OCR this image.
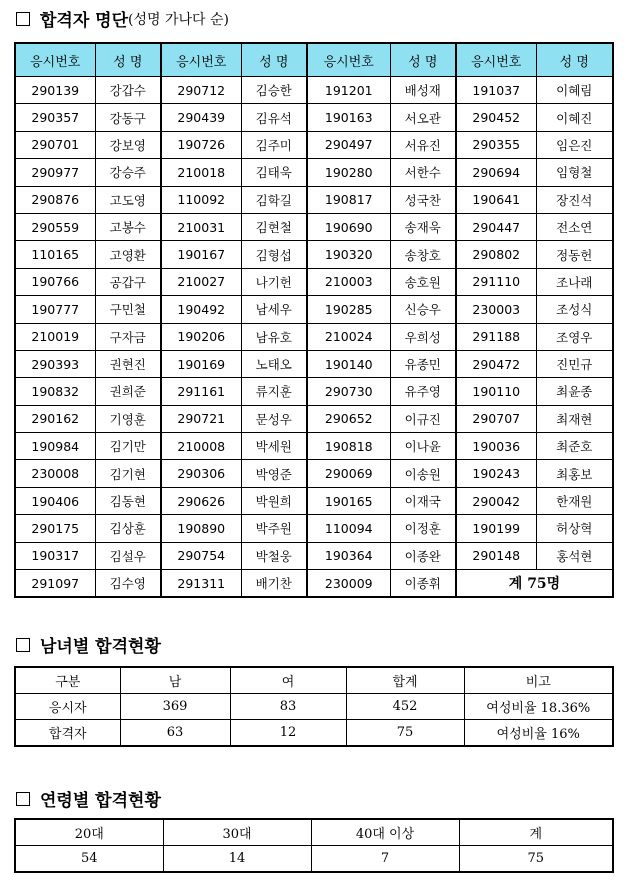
합격자 명단 (성명 가나다 순)
응시번호	성 명	응시번호	성 명	응시번호	성 명	응시번호	성 명
290139	강갑수	290712	김승한	191201	배성재	191037	이혜림
290357	강동구	290439	김유석	190163	서오관	290452	이혜진
290701	강보영	190726	김주미	290497	서유진	290355	임은진
290977	강승주	210018	김태욱	190280	서한수	290694	임형철
290876	고도영	110092	김학길	190817	성국찬	190641	장진석
290559	고봉수	210031	김현철	190690	송재욱	290447	전소연
110165	고영환	190167	김형섭	190320	송창호	290802	정동헌
190766	공갑구	210027	나기헌	210003	송호원	291110	조나래
190777	구민철	190492	남세우	190285	신승우	230003	조성식
210019	구자금	190206	남유호	210024	우희성	291188	조영우
290393	권현진	190169	노태오	190140	유종민	290472	진민규
190832	권희준	291161	류지훈	290730	유주영	190110	최윤종
290162	기영훈	290721	문성우	290652	이규진	290707	최재현
190984	김기만	210008	박세원	190818	이나윤	190036	최준호
230008	김기현	290306	박영준	290069	이송원	190243	최홍보
190406	김동현	290626	박원희	190165	이재국	290042	한재원
290175	김상훈	190890	박주원	110094	이정훈	190199	허상혁
190317	김설우	290754	박철웅	190364	이종완	290148	홍석현
291097	김수영	291311	배기찬	230009	이종휘	계 75명	
남녀별 합격현황
구분	남	여	합계	비고
응시자	369	83	452	여성비율 18.36%
합격자	63	12	75	여성비율 16%
연령별 합격현황
20대	30대	40대 이상	계
54	14	7	75
